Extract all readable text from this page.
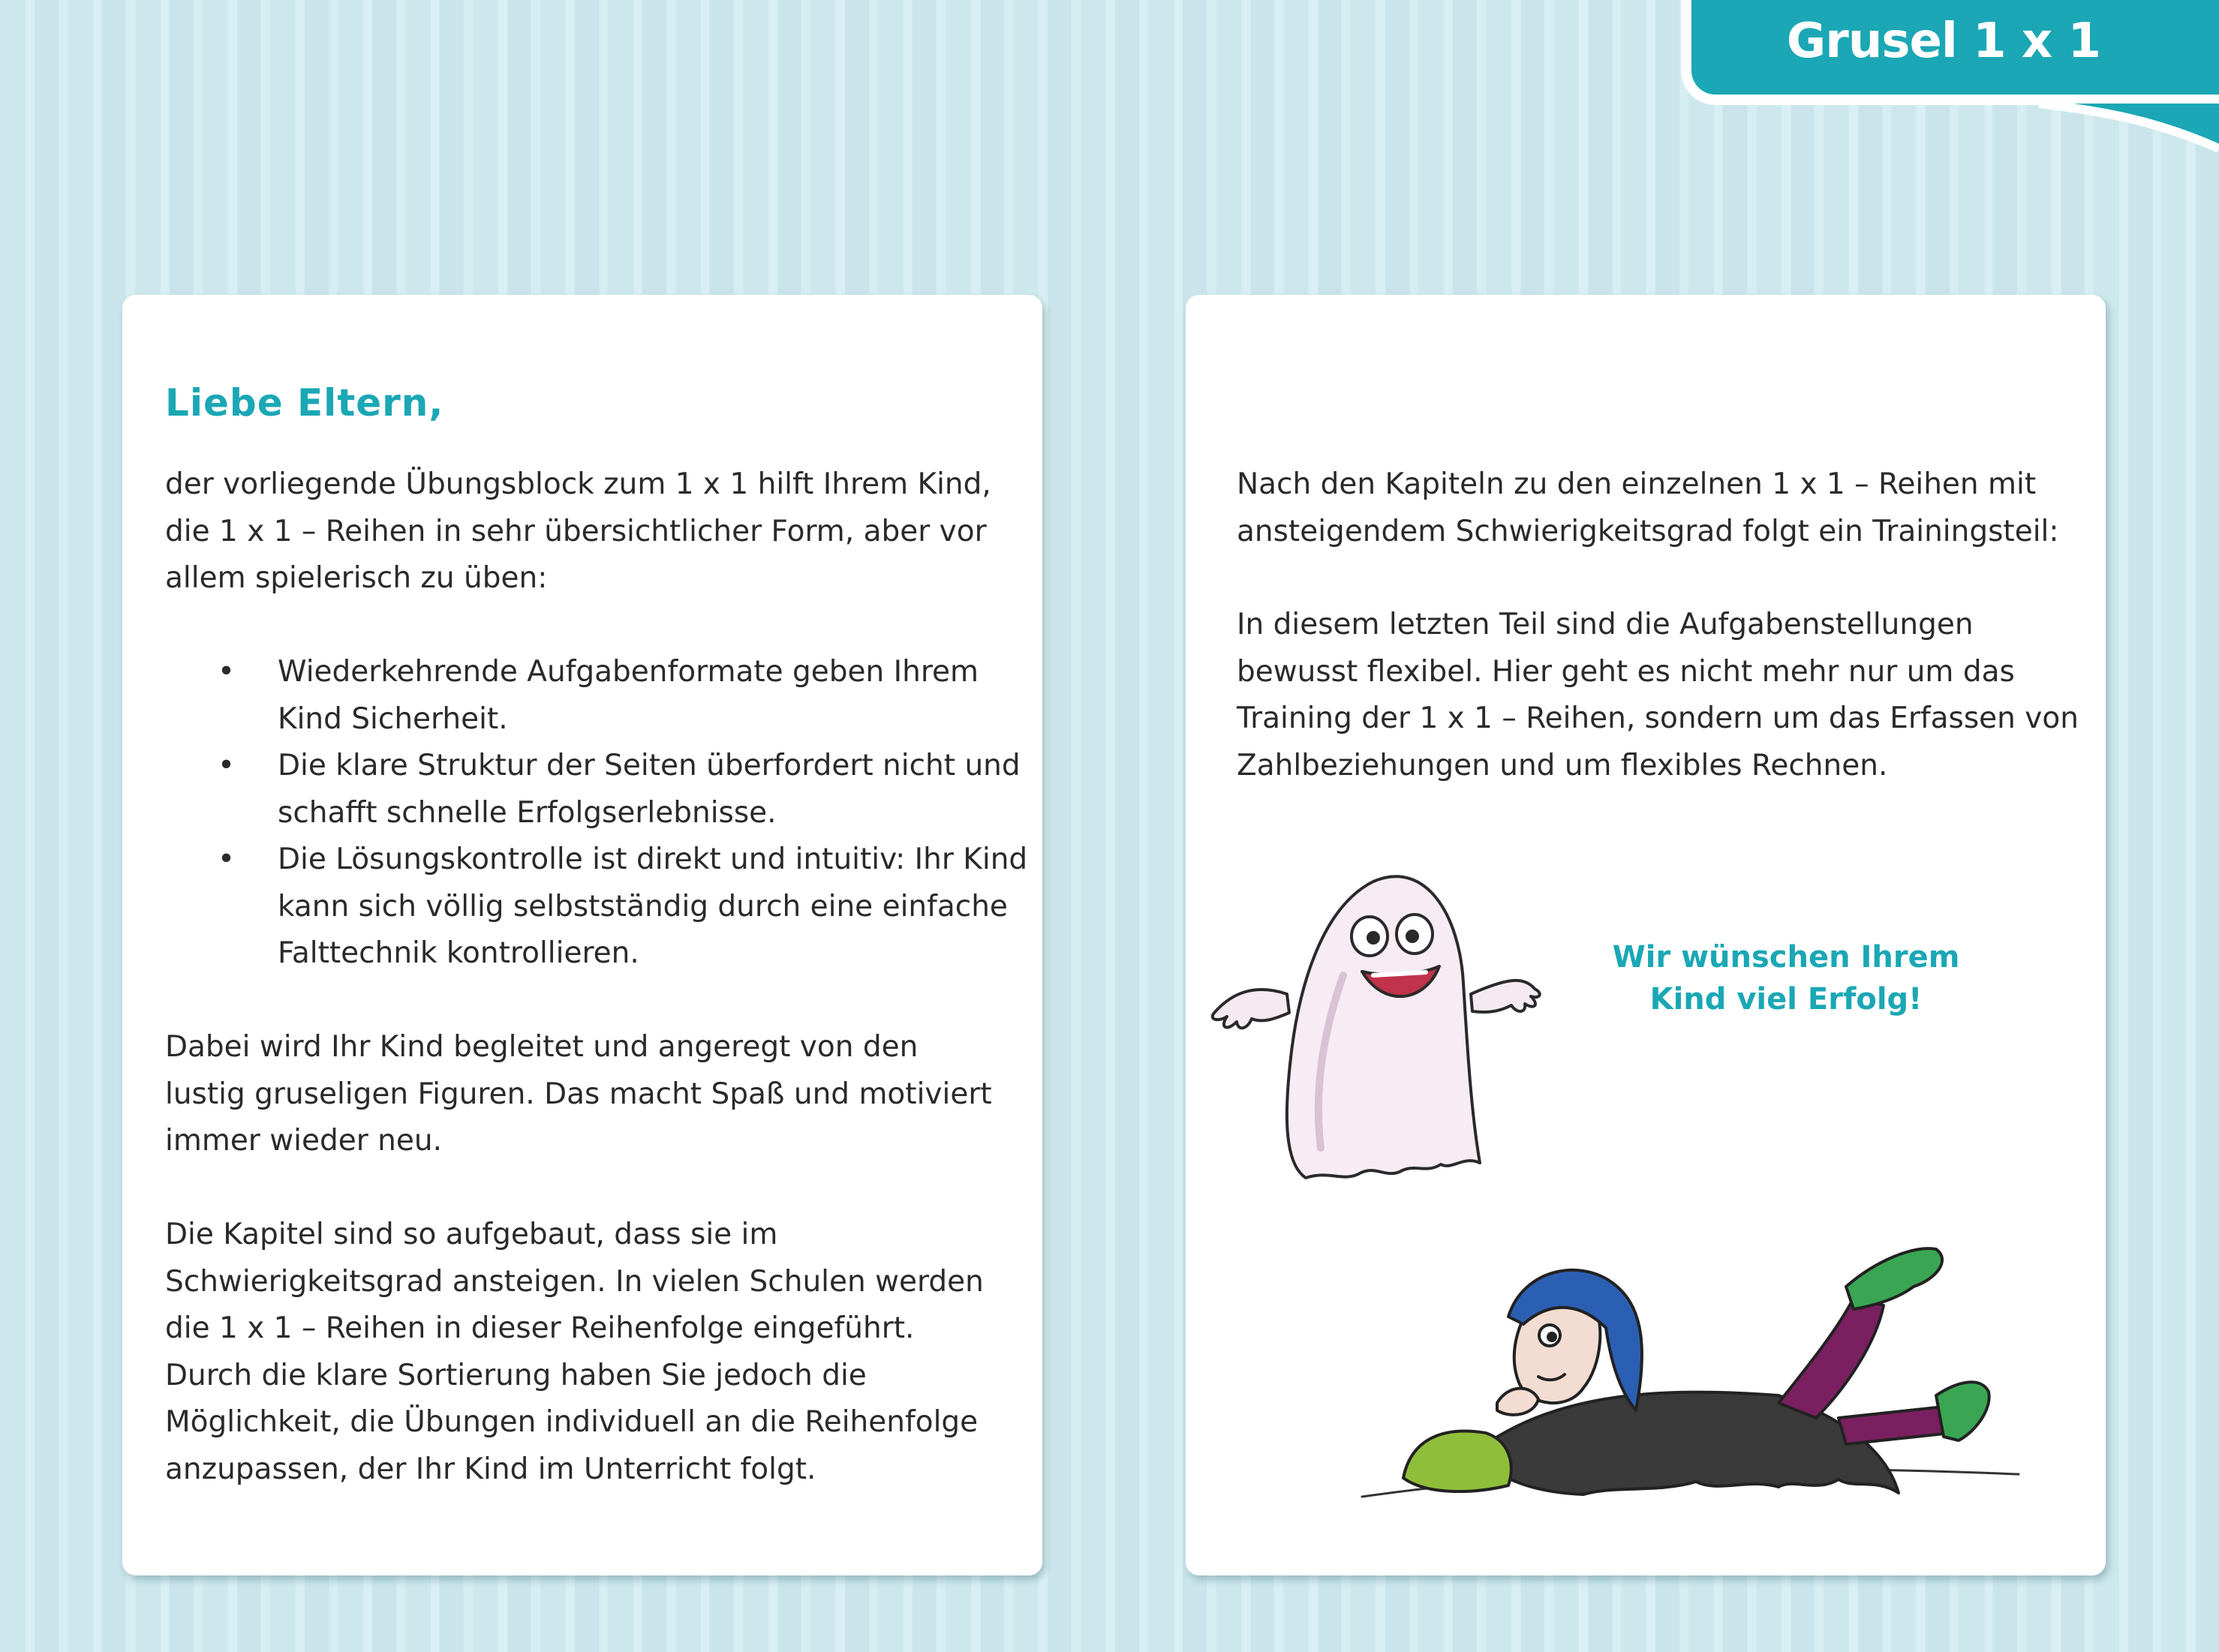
Grusel 1 x 1
Liebe Eltern,

der vorliegende Übungsblock zum 1 x 1 hilft Ihrem Kind, die 1 x 1 – Reihen in sehr übersichtlicher Form, aber vor allem spielerisch zu üben:

• Wiederkehrende Aufgabenformate geben Ihrem Kind Sicherheit.
• Die klare Struktur der Seiten überfordert nicht und schafft schnelle Erfolgserlebnisse.
• Die Lösungskontrolle ist direkt und intuitiv: Ihr Kind kann sich völlig selbstständig durch eine einfache Falttechnik kontrollieren.

Dabei wird Ihr Kind begleitet und angeregt von den lustig gruseligen Figuren. Das macht Spaß und motiviert immer wieder neu.

Die Kapitel sind so aufgebaut, dass sie im Schwierigkeitsgrad ansteigen. In vielen Schulen werden die 1 x 1 – Reihen in dieser Reihenfolge eingeführt. Durch die klare Sortierung haben Sie jedoch die Möglichkeit, die Übungen individuell an die Reihenfolge anzupassen, der Ihr Kind im Unterricht folgt.

Nach den Kapiteln zu den einzelnen 1 x 1 – Reihen mit ansteigendem Schwierigkeitsgrad folgt ein Trainingsteil:

In diesem letzten Teil sind die Aufgabenstellungen bewusst flexibel. Hier geht es nicht mehr nur um das Training der 1 x 1 – Reihen, sondern um das Erfassen von Zahlbeziehungen und um flexibles Rechnen.

Wir wünschen Ihrem
Kind viel Erfolg!
